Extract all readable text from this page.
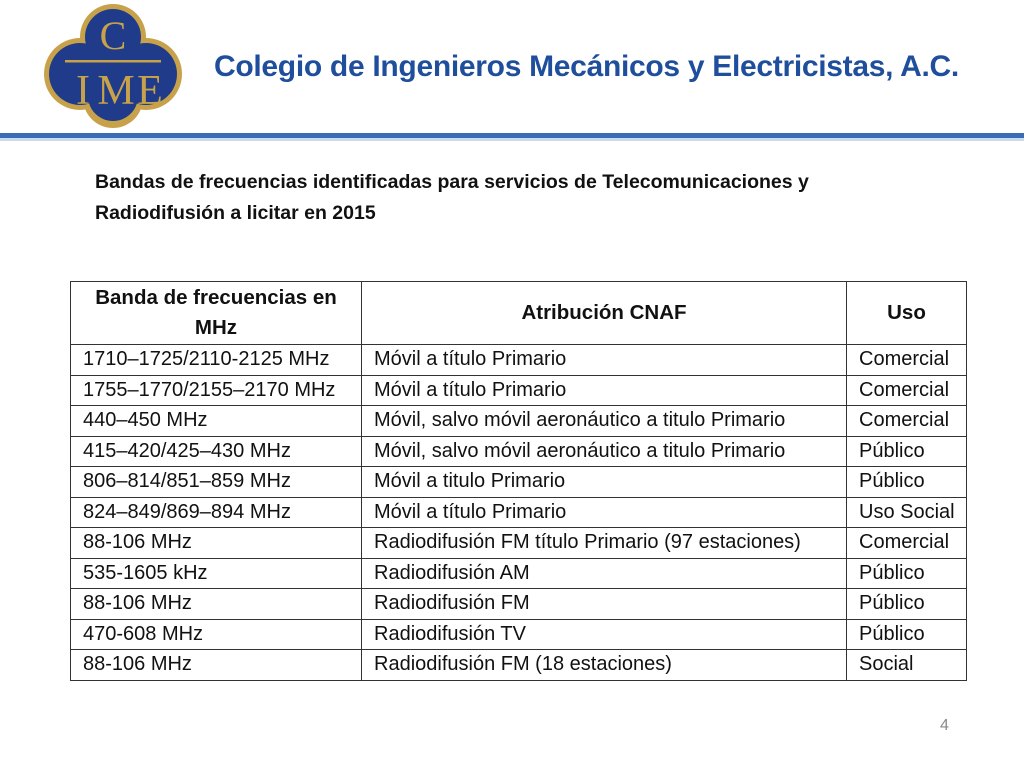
C
I M E
Colegio de Ingenieros Mecánicos y Electricistas, A.C.
Bandas de frecuencias identificadas para servicios de Telecomunicaciones y
Radiodifusión a licitar en 2015
Banda de frecuencias en MHz	Atribución CNAF	Uso
1710–1725/2110-2125 MHz	Móvil a título Primario	Comercial
1755–1770/2155–2170 MHz	Móvil a título Primario	Comercial
440–450 MHz	Móvil, salvo móvil aeronáutico a titulo Primario	Comercial
415–420/425–430 MHz	Móvil, salvo móvil aeronáutico a titulo Primario	Público
806–814/851–859 MHz	Móvil a titulo Primario	Público
824–849/869–894 MHz	Móvil a título Primario	Uso Social
88-106 MHz	Radiodifusión FM título Primario (97 estaciones)	Comercial
535-1605 kHz	Radiodifusión AM	Público
88-106 MHz	Radiodifusión FM	Público
470-608 MHz	Radiodifusión TV	Público
88-106 MHz	Radiodifusión FM (18 estaciones)	Social
4
